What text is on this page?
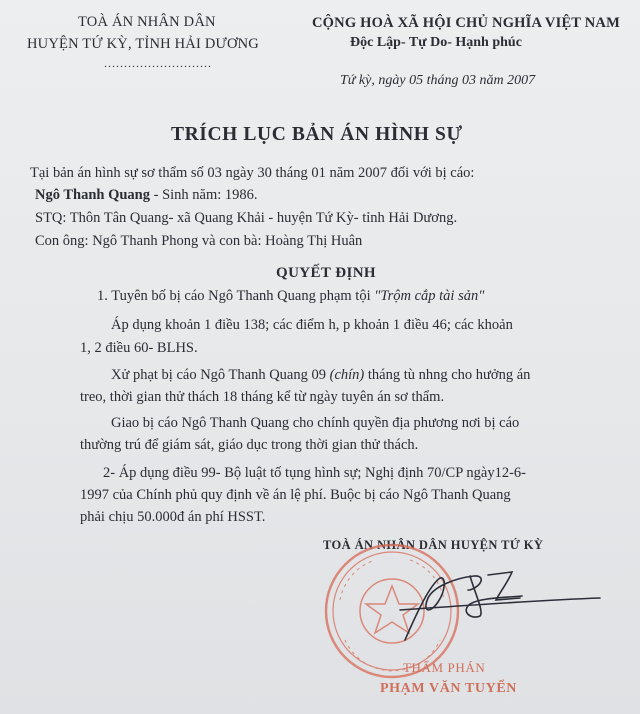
TOÀ ÁN NHÂN DÂN
HUYỆN TỨ KỲ, TỈNH HẢI DƯƠNG
...........................
CỘNG HOÀ XÃ HỘI CHỦ NGHĨA VIỆT NAM
Độc Lập- Tự Do- Hạnh phúc
Tứ kỳ, ngày 05 tháng 03 năm 2007
TRÍCH LỤC BẢN ÁN HÌNH SỰ
Tại bản án hình sự sơ thẩm số 03 ngày 30 tháng 01 năm 2007 đối với bị cáo:
Ngô Thanh Quang - Sinh năm: 1986.
STQ: Thôn Tân Quang- xã Quang Khải - huyện Tứ Kỳ- tỉnh Hải Dương.
Con ông: Ngô Thanh Phong và con bà: Hoàng Thị Huân
QUYẾT ĐỊNH
1. Tuyên bố bị cáo Ngô Thanh Quang phạm tội "Trộm cắp tài sản"
Áp dụng khoản 1 điều 138; các điểm h, p khoản 1 điều 46; các khoản
1, 2 điều 60- BLHS.
Xử phạt bị cáo Ngô Thanh Quang 09 (chín) tháng tù nhng cho hưởng án
treo, thời gian thử thách 18 tháng kể từ ngày tuyên án sơ thẩm.
Giao bị cáo Ngô Thanh Quang cho chính quyền địa phương nơi bị cáo
thường trú để giám sát, giáo dục trong thời gian thử thách.
2- Áp dụng điều 99- Bộ luật tố tụng hình sự; Nghị định 70/CP ngày12-6-
1997 của Chính phủ quy định về án lệ phí. Buộc bị cáo Ngô Thanh Quang
phải chịu 50.000đ án phí HSST.
TOÀ ÁN NHÂN DÂN HUYỆN TỨ KỲ
THẨM PHÁN
PHẠM VĂN TUYỂN
